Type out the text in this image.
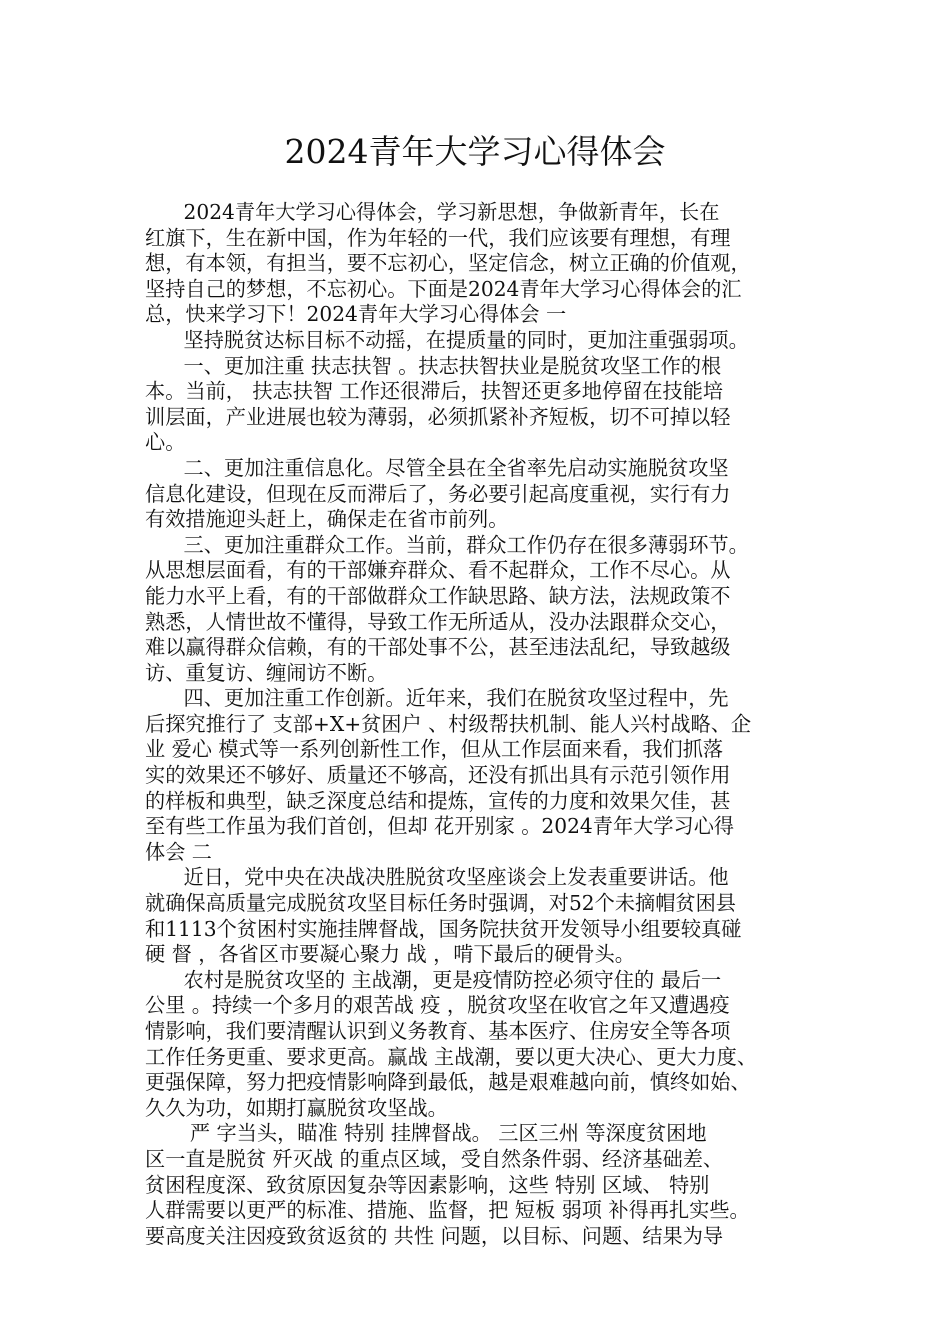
2024青年大学习心得体会
2024青年大学习心得体会，学习新思想，争做新青年，长在
红旗下，生在新中国，作为年轻的一代，我们应该要有理想，有理
想，有本领，有担当，要不忘初心，坚定信念，树立正确的价值观，
坚持自己的梦想，不忘初心。下面是2024青年大学习心得体会的汇
总，快来学习下！2024青年大学习心得体会 一
坚持脱贫达标目标不动摇，在提质量的同时，更加注重强弱项。
一、更加注重 扶志扶智 。扶志扶智扶业是脱贫攻坚工作的根
本。当前， 扶志扶智 工作还很滞后，扶智还更多地停留在技能培
训层面，产业进展也较为薄弱，必须抓紧补齐短板，切不可掉以轻
心。
二、更加注重信息化。尽管全县在全省率先启动实施脱贫攻坚
信息化建设，但现在反而滞后了，务必要引起高度重视，实行有力
有效措施迎头赶上，确保走在省市前列。
三、更加注重群众工作。当前，群众工作仍存在很多薄弱环节。
从思想层面看，有的干部嫌弃群众、看不起群众，工作不尽心。从
能力水平上看，有的干部做群众工作缺思路、缺方法，法规政策不
熟悉，人情世故不懂得，导致工作无所适从，没办法跟群众交心，
难以赢得群众信赖，有的干部处事不公，甚至违法乱纪，导致越级
访、重复访、缠闹访不断。
四、更加注重工作创新。近年来，我们在脱贫攻坚过程中，先
后探究推行了 支部+X+贫困户 、村级帮扶机制、能人兴村战略、企
业 爱心 模式等一系列创新性工作，但从工作层面来看，我们抓落
实的效果还不够好、质量还不够高，还没有抓出具有示范引领作用
的样板和典型，缺乏深度总结和提炼，宣传的力度和效果欠佳，甚
至有些工作虽为我们首创，但却 花开别家 。2024青年大学习心得
体会 二
近日，党中央在决战决胜脱贫攻坚座谈会上发表重要讲话。他
就确保高质量完成脱贫攻坚目标任务时强调，对52个未摘帽贫困县
和1113个贫困村实施挂牌督战，国务院扶贫开发领导小组要较真碰
硬 督 ，各省区市要凝心聚力 战 ，啃下最后的硬骨头。
农村是脱贫攻坚的 主战潮，更是疫情防控必须守住的 最后一
公里 。持续一个多月的艰苦战 疫 ，脱贫攻坚在收官之年又遭遇疫
情影响，我们要清醒认识到义务教育、基本医疗、住房安全等各项
工作任务更重、要求更高。赢战 主战潮，要以更大决心、更大力度、
更强保障，努力把疫情影响降到最低，越是艰难越向前，慎终如始、
久久为功，如期打赢脱贫攻坚战。
严 字当头，瞄准 特别 挂牌督战。 三区三州 等深度贫困地
区一直是脱贫 歼灭战 的重点区域，受自然条件弱、经济基础差、
贫困程度深、致贫原因复杂等因素影响，这些 特别 区域、 特别
人群需要以更严的标准、措施、监督，把 短板 弱项 补得再扎实些。
要高度关注因疫致贫返贫的 共性 问题，以目标、问题、结果为导
